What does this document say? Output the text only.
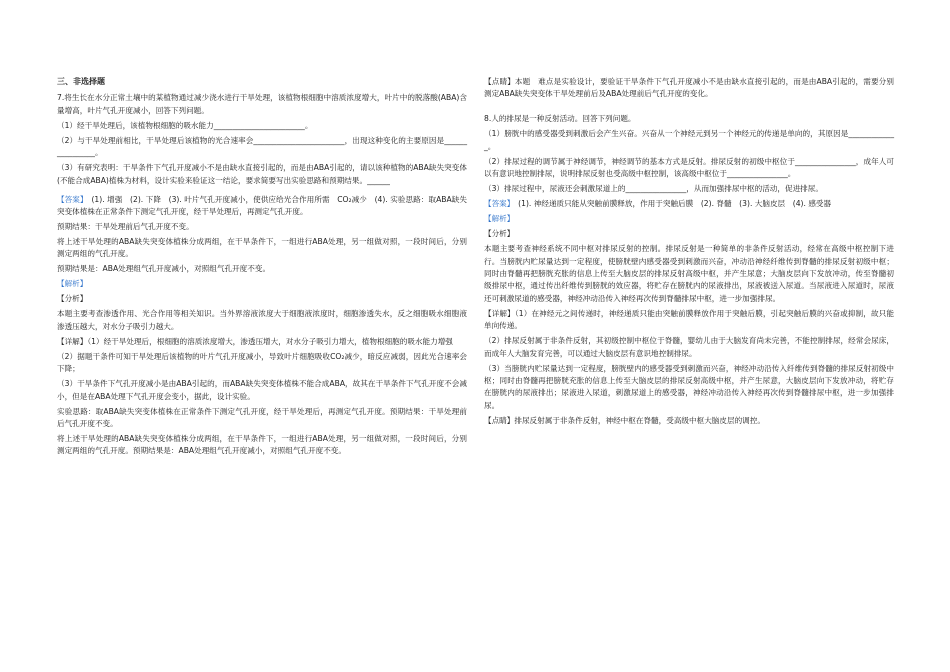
三、非选择题
7.将生长在水分正常土壤中的某植物通过减少浇水进行干旱处理，该植物根细胞中溶质浓度增大，叶片中的脱落酸(ABA)含量增高，叶片气孔开度减小，回答下列问题。
（1）经干旱处理后，该植物根细胞的吸水能力________________________。
（2）与干旱处理前相比，干旱处理后该植物的光合速率会________________________，出现这种变化的主要原因是________________。
（3）有研究表明：干旱条件下气孔开度减小不是由缺水直接引起的，而是由ABA引起的，请以该种植物的ABA缺失突变体(不能合成ABA)植株为材料，设计实验来验证这一结论，要求简要写出实验思路和预期结果。______
【答案】　 (1). 增强　(2). 下降　(3). 叶片气孔开度减小，使供应给光合作用所需　CO₂减少　(4). 实验思路：取ABA缺失突变体植株在正常条件下测定气孔开度，经干旱处理后，再测定气孔开度。
预期结果：干旱处理前后气孔开度不变。
将上述干旱处理的ABA缺失突变体植株分成两组，在干旱条件下，一组进行ABA处理，另一组做对照，一段时间后，分别测定两组的气孔开度。
预期结果是：ABA处理组气孔开度减小，对照组气孔开度不变。
【解析】
【分析】
本题主要考查渗透作用、光合作用等相关知识。当外界溶液浓度大于细胞液浓度时，细胞渗透失水，反之细胞吸水细胞液渗透压越大，对水分子吸引力越大。
【详解】（1）经干旱处理后，根细胞的溶质浓度增大，渗透压增大，对水分子吸引力增大，植物根细胞的吸水能力增强
（2）据题干条件可知干旱处理后该植物的叶片气孔开度减小，导致叶片细胞吸收CO₂减少，暗反应减弱，因此光合速率会下降；
（3）干旱条件下气孔开度减小是由ABA引起的，而ABA缺失突变体植株不能合成ABA，故其在干旱条件下气孔开度不会减小，但是在ABA处理下气孔开度会变小，据此，设计实验。
实验思路：取ABA缺失突变体植株在正常条件下测定气孔开度，经干旱处理后，再测定气孔开度。预期结果：干旱处理前后气孔开度不变。
将上述干旱处理的ABA缺失突变体植株分成两组，在干旱条件下，一组进行ABA处理，另一组做对照，一段时间后，分别测定两组的气孔开度。预期结果是：ABA处理组气孔开度减小，对照组气孔开度不变。
【点睛】本题　难点是实验设计，要验证干旱条件下气孔开度减小不是由缺水直接引起的，而是由ABA引起的，需要分别测定ABA缺失突变体干旱处理前后及ABA处理前后气孔开度的变化。
8.人的排尿是一种反射活动。回答下列问题。
（1）膀胱中的感受器受到刺激后会产生兴奋。兴奋从一个神经元到另一个神经元的传递是单向的，其原因是_____________。
（2）排尿过程的调节属于神经调节，神经调节的基本方式是反射。排尿反射的初级中枢位于________________，成年人可以有意识地控制排尿，说明排尿反射也受高级中枢控制，该高级中枢位于________________。
（3）排尿过程中，尿液还会刺激尿道上的________________，从而加强排尿中枢的活动，促进排尿。
【答案】　 (1). 神经递质只能从突触前膜释放，作用于突触后膜　(2). 脊髓　(3). 大脑皮层　(4). 感受器
【解析】
【分析】
本题主要考查神经系统不同中枢对排尿反射的控制。排尿反射是一种简单的非条件反射活动，经常在高级中枢控制下进行。当膀胱内贮尿量达到一定程度，使膀胱壁内感受器受到刺激而兴奋，冲动沿神经纤维传到脊髓的排尿反射初级中枢；同时由脊髓再把膀胱充胀的信息上传至大脑皮层的排尿反射高级中枢，并产生尿意；大脑皮层向下发放冲动，传至脊髓初级排尿中枢，通过传出纤维传到膀胱的效应器，将贮存在膀胱内的尿液排出，尿液被送入尿道。当尿液进入尿道时，尿液还可刺激尿道的感受器，神经冲动沿传入神经再次传到脊髓排尿中枢，进一步加强排尿。
【详解】（1）在神经元之间传递时，神经递质只能由突触前膜释放作用于突触后膜，引起突触后膜的兴奋或抑制，故只能单向传递。
（2）排尿反射属于非条件反射，其初级控制中枢位于脊髓，婴幼儿由于大脑发育尚未完善，不能控制排尿，经常会尿床，而成年人大脑发育完善，可以通过大脑皮层有意识地控制排尿。
（3）当膀胱内贮尿量达到一定程度，膀胱壁内的感受器受到刺激而兴奋，神经冲动沿传入纤维传到脊髓的排尿反射初级中枢；同时由脊髓再把膀胱充胀的信息上传至大脑皮层的排尿反射高级中枢，并产生尿意，大脑皮层向下发放冲动，将贮存在膀胱内的尿液排出；尿液进入尿道，刺激尿道上的感受器，神经冲动沿传入神经再次传到脊髓排尿中枢，进一步加强排尿。
【点睛】排尿反射属于非条件反射，神经中枢在脊髓，受高级中枢大脑皮层的调控。
